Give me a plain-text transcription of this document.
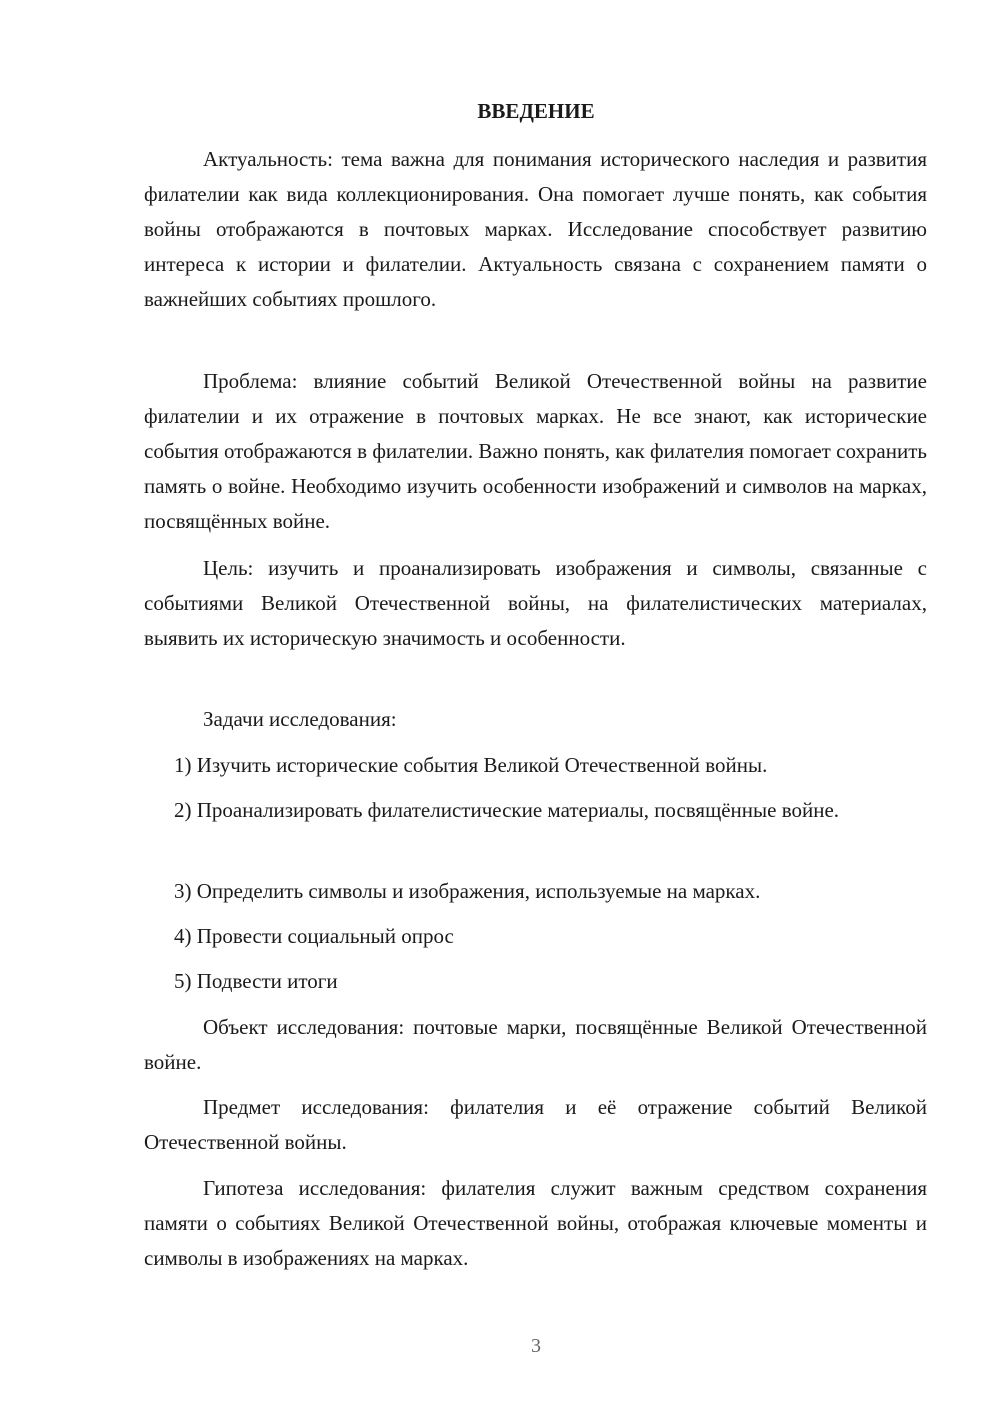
ВВЕДЕНИЕ

Актуальность: тема важна для понимания исторического наследия и развития филателии как вида коллекционирования. Она помогает лучше понять, как события войны отображаются в почтовых марках. Исследование способствует развитию интереса к истории и филателии. Актуальность связана с сохранением памяти о важнейших событиях прошлого.

Проблема: влияние событий Великой Отечественной войны на развитие филателии и их отражение в почтовых марках. Не все знают, как исторические события отображаются в филателии. Важно понять, как филателия помогает сохранить память о войне. Необходимо изучить особенности изображений и символов на марках, посвящённых войне.

Цель: изучить и проанализировать изображения и символы, связанные с событиями Великой Отечественной войны, на филателистических материалах, выявить их историческую значимость и особенности.

Задачи исследования:

1) Изучить исторические события Великой Отечественной войны.

2) Проанализировать филателистические материалы, посвящённые войне.

3) Определить символы и изображения, используемые на марках.

4) Провести социальный опрос

5) Подвести итоги

Объект исследования: почтовые марки, посвящённые Великой Отечественной войне.

Предмет исследования: филателия и её отражение событий Великой Отечественной войны.

Гипотеза исследования: филателия служит важным средством сохранения памяти о событиях Великой Отечественной войны, отображая ключевые моменты и символы в изображениях на марках.

3
